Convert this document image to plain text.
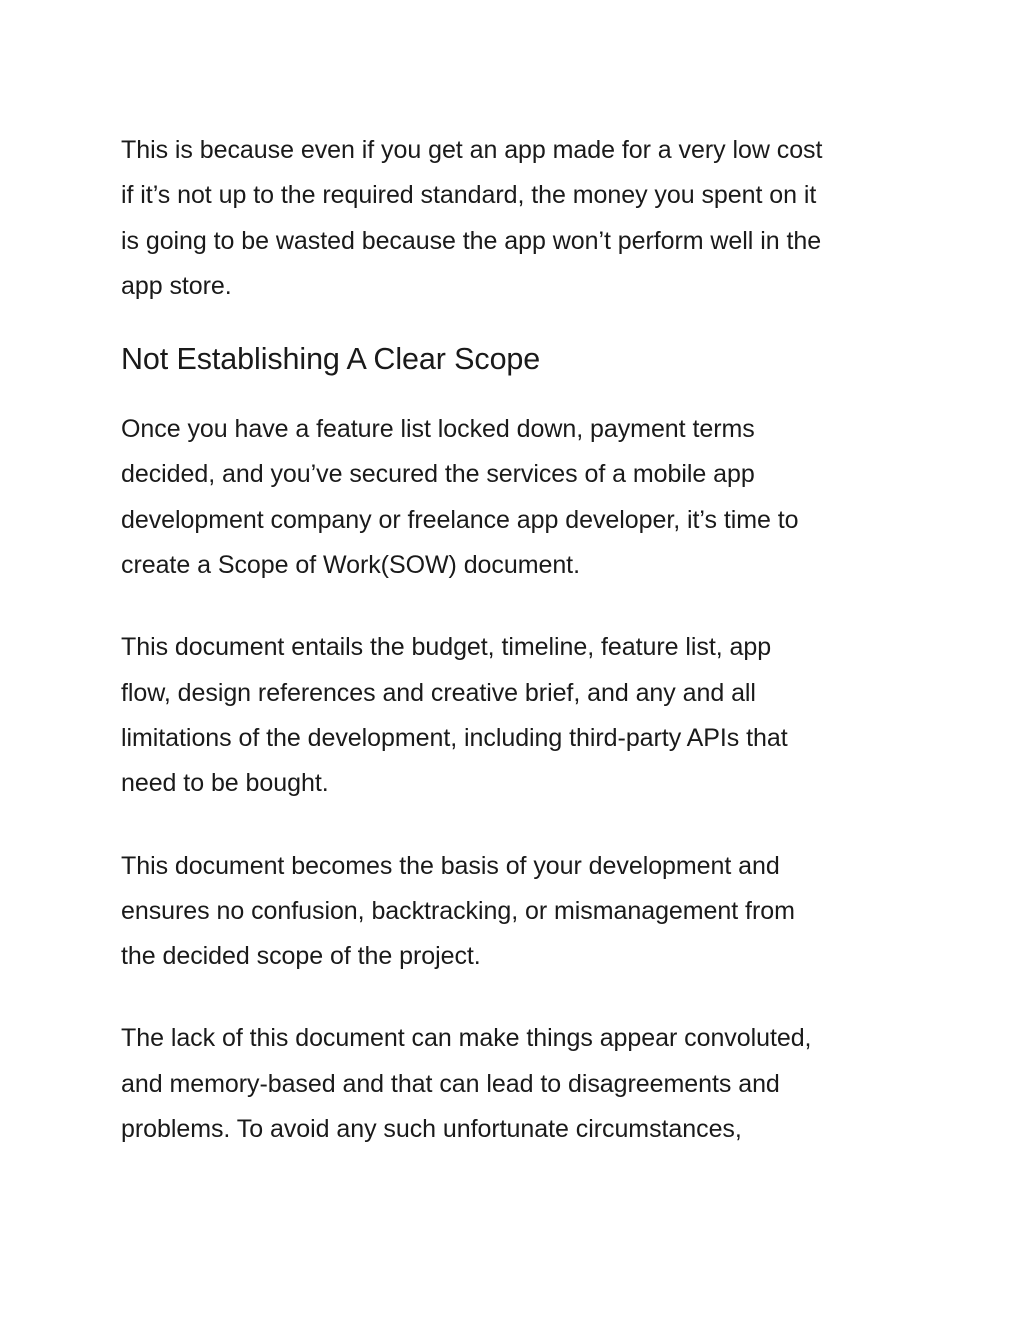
This is because even if you get an app made for a very low cost
if it’s not up to the required standard, the money you spent on it
is going to be wasted because the app won’t perform well in the
app store.

Not Establishing A Clear Scope

Once you have a feature list locked down, payment terms
decided, and you’ve secured the services of a mobile app
development company or freelance app developer, it’s time to
create a Scope of Work(SOW) document.

This document entails the budget, timeline, feature list, app
flow, design references and creative brief, and any and all
limitations of the development, including third-party APIs that
need to be bought.

This document becomes the basis of your development and
ensures no confusion, backtracking, or mismanagement from
the decided scope of the project.

The lack of this document can make things appear convoluted,
and memory-based and that can lead to disagreements and
problems. To avoid any such unfortunate circumstances,
